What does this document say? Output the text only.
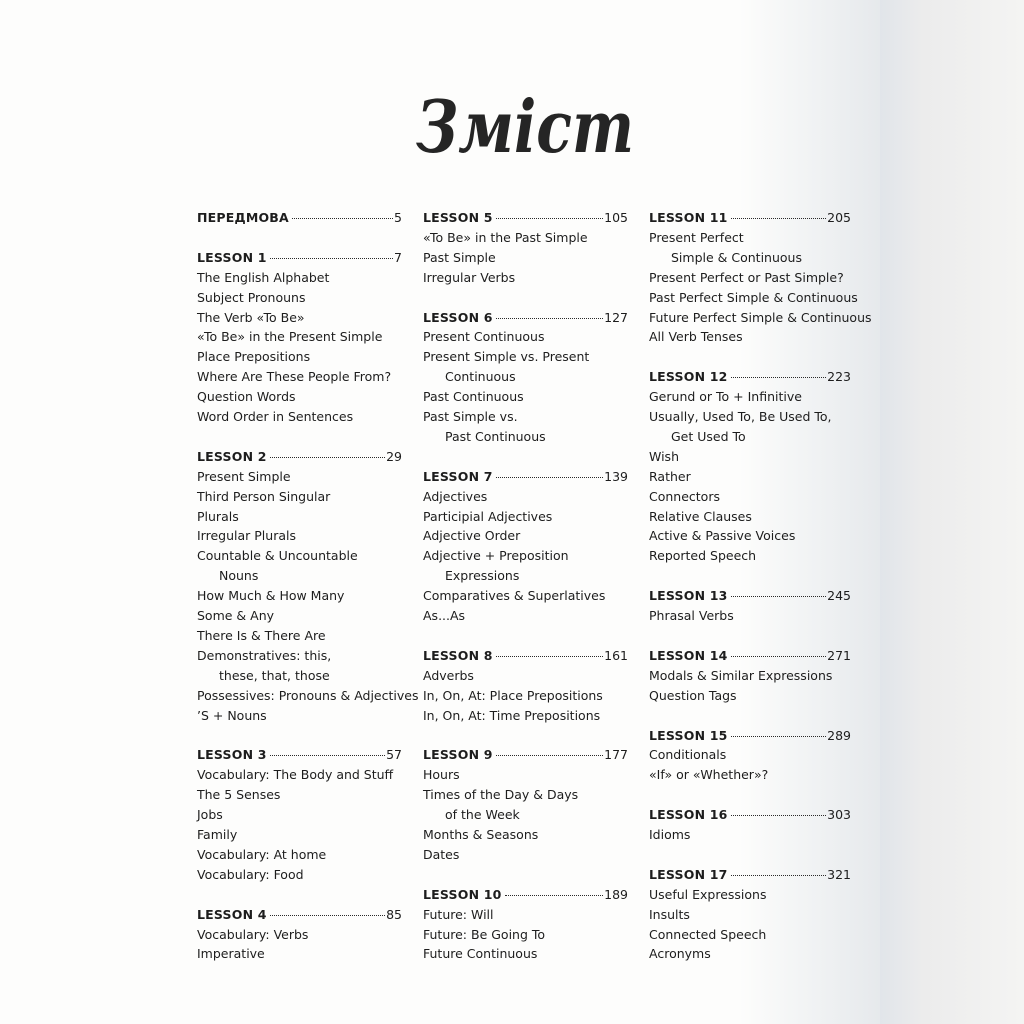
Зміст
ПЕРЕДМОВА	5
LESSON 1	7
The English Alphabet
Subject Pronouns
The Verb «To Be»
«To Be» in the Present Simple
Place Prepositions
Where Are These People From?
Question Words
Word Order in Sentences
LESSON 2	29
Present Simple
Third Person Singular
Plurals
Irregular Plurals
Countable & Uncountable
Nouns
How Much & How Many
Some & Any
There Is & There Are
Demonstratives: this,
these, that, those
Possessives: Pronouns & Adjectives
’S + Nouns
LESSON 3	57
Vocabulary: The Body and Stuff
The 5 Senses
Jobs
Family
Vocabulary: At home
Vocabulary: Food
LESSON 4	85
Vocabulary: Verbs
Imperative
LESSON 5	105
«To Be» in the Past Simple
Past Simple
Irregular Verbs
LESSON 6	127
Present Continuous
Present Simple vs. Present
Continuous
Past Continuous
Past Simple vs.
Past Continuous
LESSON 7	139
Adjectives
Participial Adjectives
Adjective Order
Adjective + Preposition
Expressions
Comparatives & Superlatives
As...As
LESSON 8	161
Adverbs
In, On, At: Place Prepositions
In, On, At: Time Prepositions
LESSON 9	177
Hours
Times of the Day & Days
of the Week
Months & Seasons
Dates
LESSON 10	189
Future: Will
Future: Be Going To
Future Continuous
LESSON 11	205
Present Perfect
Simple & Continuous
Present Perfect or Past Simple?
Past Perfect Simple & Continuous
Future Perfect Simple & Continuous
All Verb Tenses
LESSON 12	223
Gerund or To + Infinitive
Usually, Used To, Be Used To,
Get Used To
Wish
Rather
Connectors
Relative Clauses
Active & Passive Voices
Reported Speech
LESSON 13	245
Phrasal Verbs
LESSON 14	271
Modals & Similar Expressions
Question Tags
LESSON 15	289
Conditionals
«If» or «Whether»?
LESSON 16	303
Idioms
LESSON 17	321
Useful Expressions
Insults
Connected Speech
Acronyms
